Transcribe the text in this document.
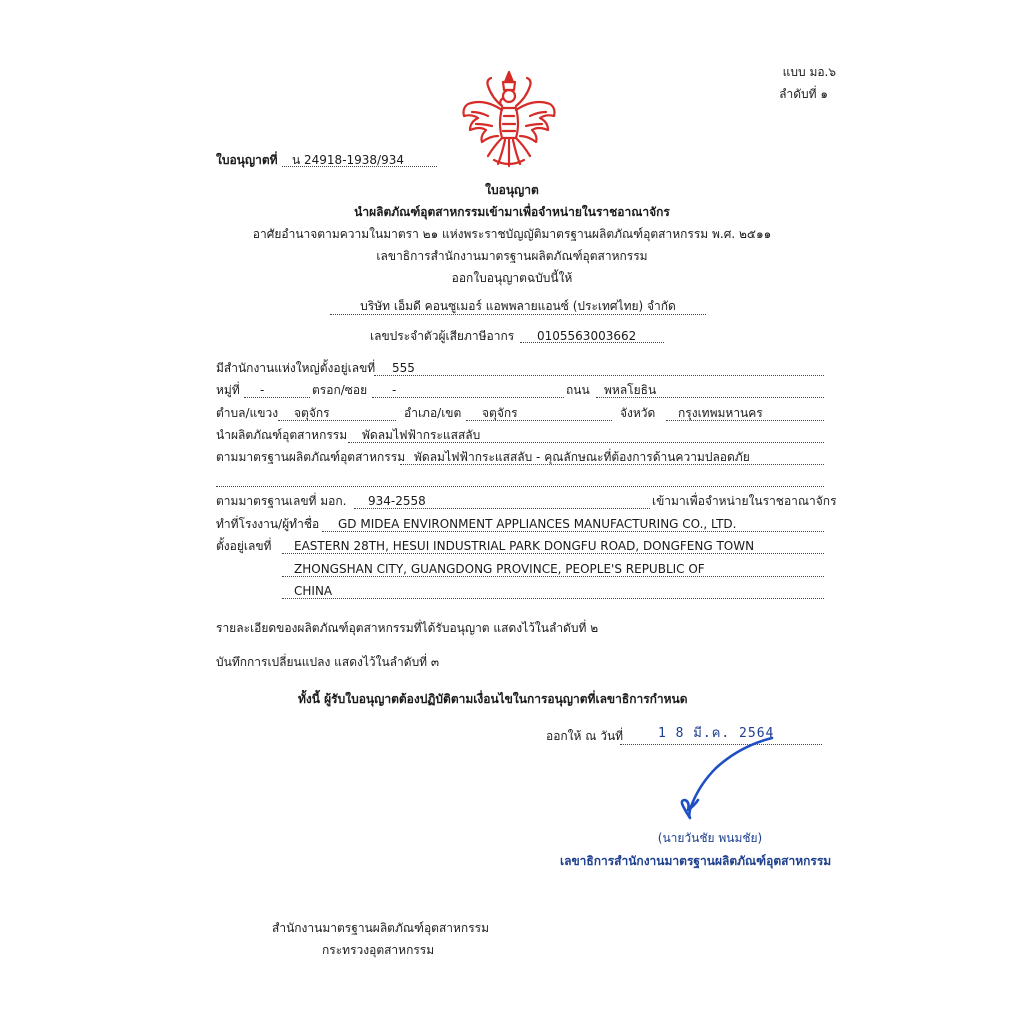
แบบ มอ.๖
ลำดับที่ ๑
ใบอนุญาตที่ น 24918-1938/934
ใบอนุญาต
นำผลิตภัณฑ์อุตสาหกรรมเข้ามาเพื่อจำหน่ายในราชอาณาจักร
อาศัยอำนาจตามความในมาตรา ๒๑ แห่งพระราชบัญญัติมาตรฐานผลิตภัณฑ์อุตสาหกรรม พ.ศ. ๒๕๑๑
เลขาธิการสำนักงานมาตรฐานผลิตภัณฑ์อุตสาหกรรม
ออกใบอนุญาตฉบับนี้ให้
บริษัท เอ็มดี คอนซูเมอร์ แอพพลายแอนซ์ (ประเทศไทย) จำกัด
เลขประจำตัวผู้เสียภาษีอากร 0105563003662
มีสำนักงานแห่งใหญ่ตั้งอยู่เลขที่ 555
หมู่ที่ -	ตรอก/ซอย -	ถนน พหลโยธิน
ตำบล/แขวง จตุจักร	อำเภอ/เขต จตุจักร	จังหวัด กรุงเทพมหานคร
นำผลิตภัณฑ์อุตสาหกรรม พัดลมไฟฟ้ากระแสสลับ
ตามมาตรฐานผลิตภัณฑ์อุตสาหกรรม พัดลมไฟฟ้ากระแสสลับ - คุณลักษณะที่ต้องการด้านความปลอดภัย
ตามมาตรฐานเลขที่ มอก. 934-2558	เข้ามาเพื่อจำหน่ายในราชอาณาจักร
ทำที่โรงงาน/ผู้ทำชื่อ GD MIDEA ENVIRONMENT APPLIANCES MANUFACTURING CO., LTD.
ตั้งอยู่เลขที่ EASTERN 28TH, HESUI INDUSTRIAL PARK DONGFU ROAD, DONGFENG TOWN
ZHONGSHAN CITY, GUANGDONG PROVINCE, PEOPLE'S REPUBLIC OF
CHINA
รายละเอียดของผลิตภัณฑ์อุตสาหกรรมที่ได้รับอนุญาต แสดงไว้ในลำดับที่ ๒
บันทึกการเปลี่ยนแปลง แสดงไว้ในลำดับที่ ๓
ทั้งนี้ ผู้รับใบอนุญาตต้องปฏิบัติตามเงื่อนไขในการอนุญาตที่เลขาธิการกำหนด
ออกให้ ณ วันที่	1 8 มี.ค. 2564
(นายวันชัย พนมชัย)
เลขาธิการสำนักงานมาตรฐานผลิตภัณฑ์อุตสาหกรรม
สำนักงานมาตรฐานผลิตภัณฑ์อุตสาหกรรม
กระทรวงอุตสาหกรรม
